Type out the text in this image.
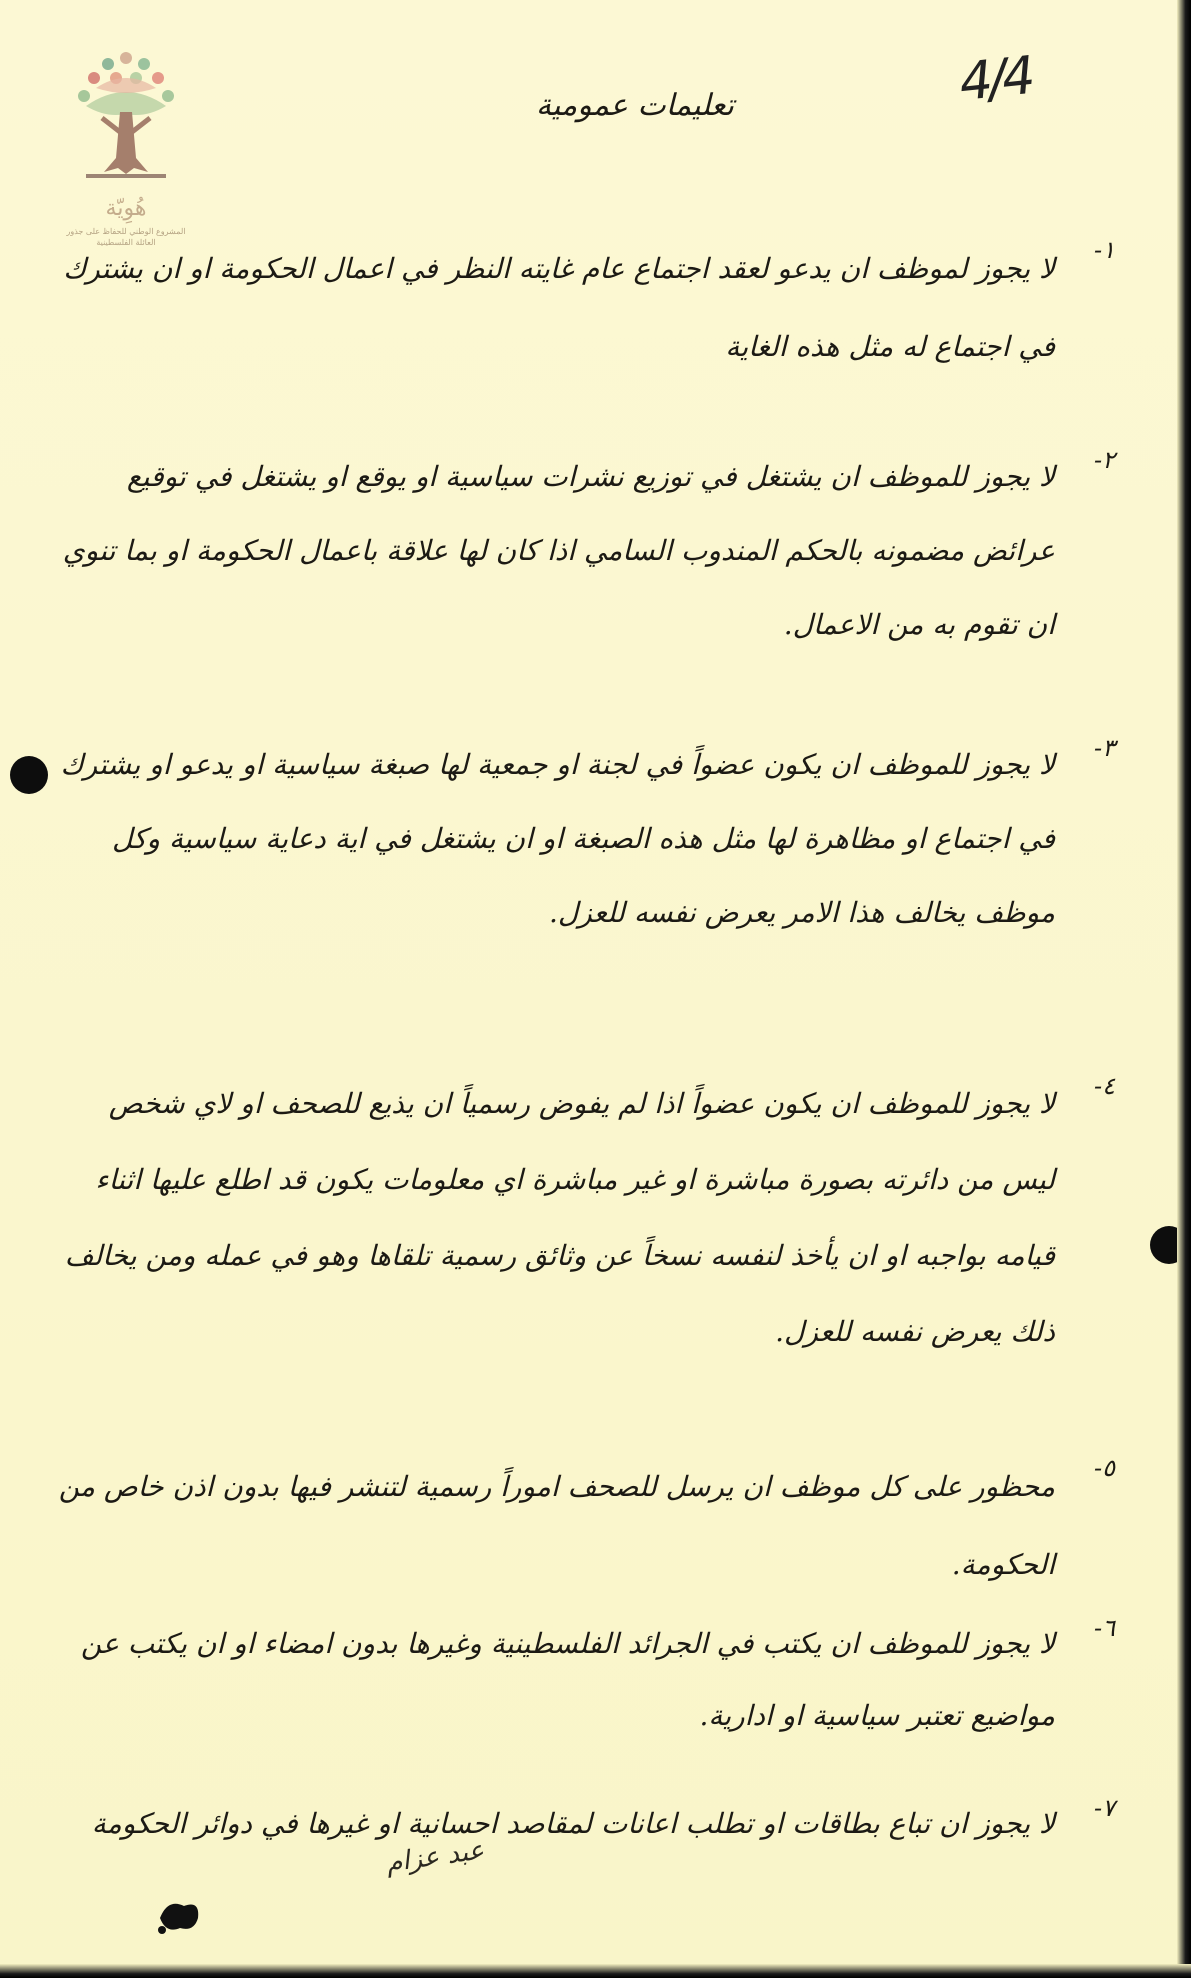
هُوِيّة
المشروع الوطني للحفاظ على جذور العائلة الفلسطينية
4/4
تعليمات عمومية
١-
لا يجوز لموظف ان يدعو لعقد اجتماع عام غايته النظر في اعمال الحكومة او ان يشترك في اجتماع له مثل هذه الغاية
٢-
لا يجوز للموظف ان يشتغل في توزيع نشرات سياسية او يوقع او يشتغل في توقيع عرائض مضمونه بالحكم المندوب السامي اذا كان لها علاقة باعمال الحكومة او بما تنوي ان تقوم به من الاعمال.
٣-
لا يجوز للموظف ان يكون عضواً في لجنة او جمعية لها صبغة سياسية او يدعو او يشترك في اجتماع او مظاهرة لها مثل هذه الصبغة او ان يشتغل في اية دعاية سياسية وكل موظف يخالف هذا الامر يعرض نفسه للعزل.
٤-
لا يجوز للموظف ان يكون عضواً اذا لم يفوض رسمياً ان يذيع للصحف او لاي شخص ليس من دائرته بصورة مباشرة او غير مباشرة اي معلومات يكون قد اطلع عليها اثناء قيامه بواجبه او ان يأخذ لنفسه نسخاً عن وثائق رسمية تلقاها وهو في عمله ومن يخالف ذلك يعرض نفسه للعزل.
٥-
محظور على كل موظف ان يرسل للصحف اموراً رسمية لتنشر فيها بدون اذن خاص من الحكومة.
٦-
لا يجوز للموظف ان يكتب في الجرائد الفلسطينية وغيرها بدون امضاء او ان يكتب عن مواضيع تعتبر سياسية او ادارية.
٧-
لا يجوز ان تباع بطاقات او تطلب اعانات لمقاصد احسانية او غيرها في دوائر الحكومة
عبد عزام
